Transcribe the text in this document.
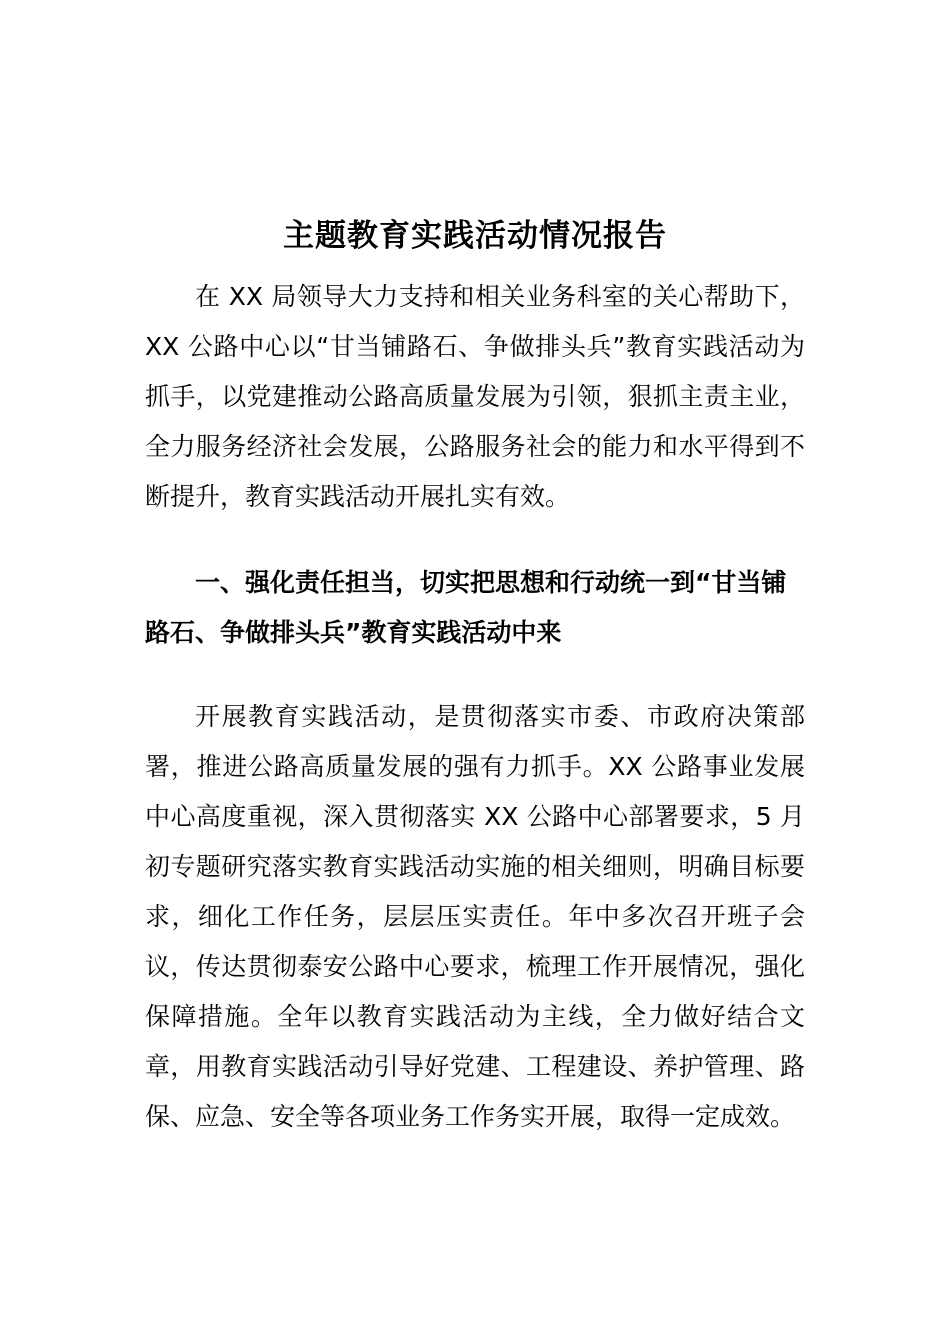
主题教育实践活动情况报告

在 XX 局领导大力支持和相关业务科室的关心帮助下，XX 公路中心以“甘当铺路石、争做排头兵”教育实践活动为抓手，以党建推动公路高质量发展为引领，狠抓主责主业，全力服务经济社会发展，公路服务社会的能力和水平得到不断提升，教育实践活动开展扎实有效。

一、强化责任担当，切实把思想和行动统一到“甘当铺路石、争做排头兵”教育实践活动中来

开展教育实践活动，是贯彻落实市委、市政府决策部署，推进公路高质量发展的强有力抓手。XX 公路事业发展中心高度重视，深入贯彻落实 XX 公路中心部署要求，5 月初专题研究落实教育实践活动实施的相关细则，明确目标要求，细化工作任务，层层压实责任。年中多次召开班子会议，传达贯彻泰安公路中心要求，梳理工作开展情况，强化保障措施。全年以教育实践活动为主线，全力做好结合文章，用教育实践活动引导好党建、工程建设、养护管理、路保、应急、安全等各项业务工作务实开展，取得一定成效。
